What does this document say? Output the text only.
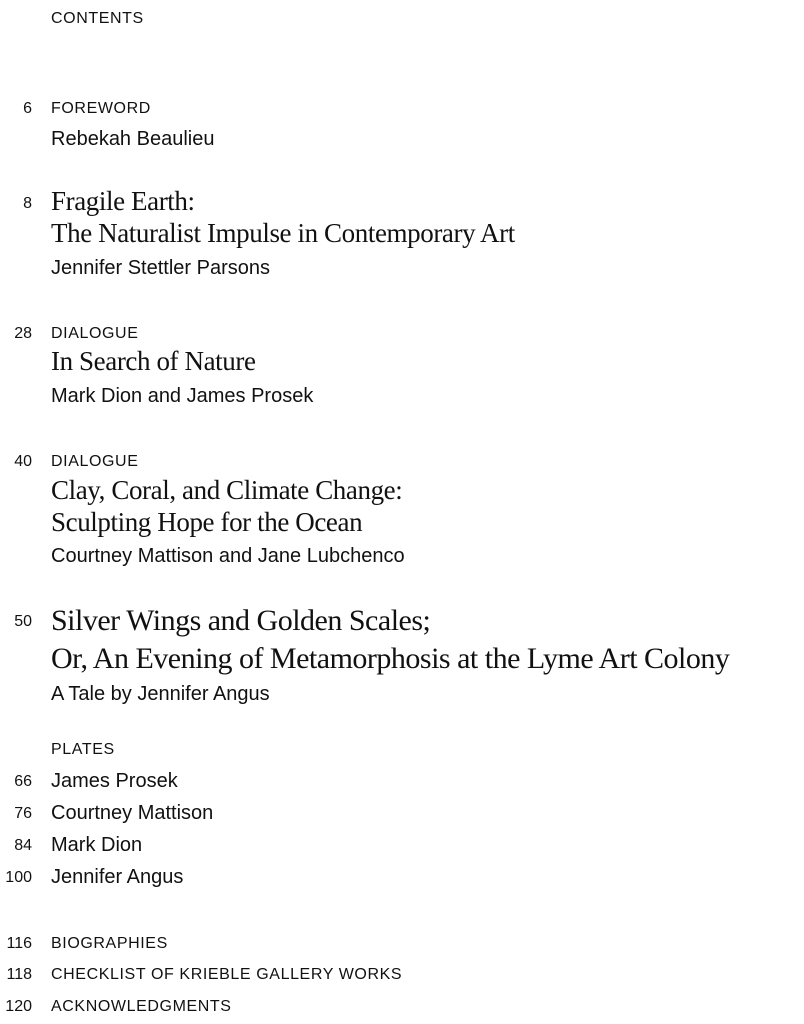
CONTENTS
6 FOREWORD
Rebekah Beaulieu
8 Fragile Earth:
The Naturalist Impulse in Contemporary Art
Jennifer Stettler Parsons
28 DIALOGUE
In Search of Nature
Mark Dion and James Prosek
40 DIALOGUE
Clay, Coral, and Climate Change:
Sculpting Hope for the Ocean
Courtney Mattison and Jane Lubchenco
50 Silver Wings and Golden Scales;
Or, An Evening of Metamorphosis at the Lyme Art Colony
A Tale by Jennifer Angus
PLATES
66 James Prosek
76 Courtney Mattison
84 Mark Dion
100 Jennifer Angus
116 BIOGRAPHIES
118 CHECKLIST OF KRIEBLE GALLERY WORKS
120 ACKNOWLEDGMENTS
